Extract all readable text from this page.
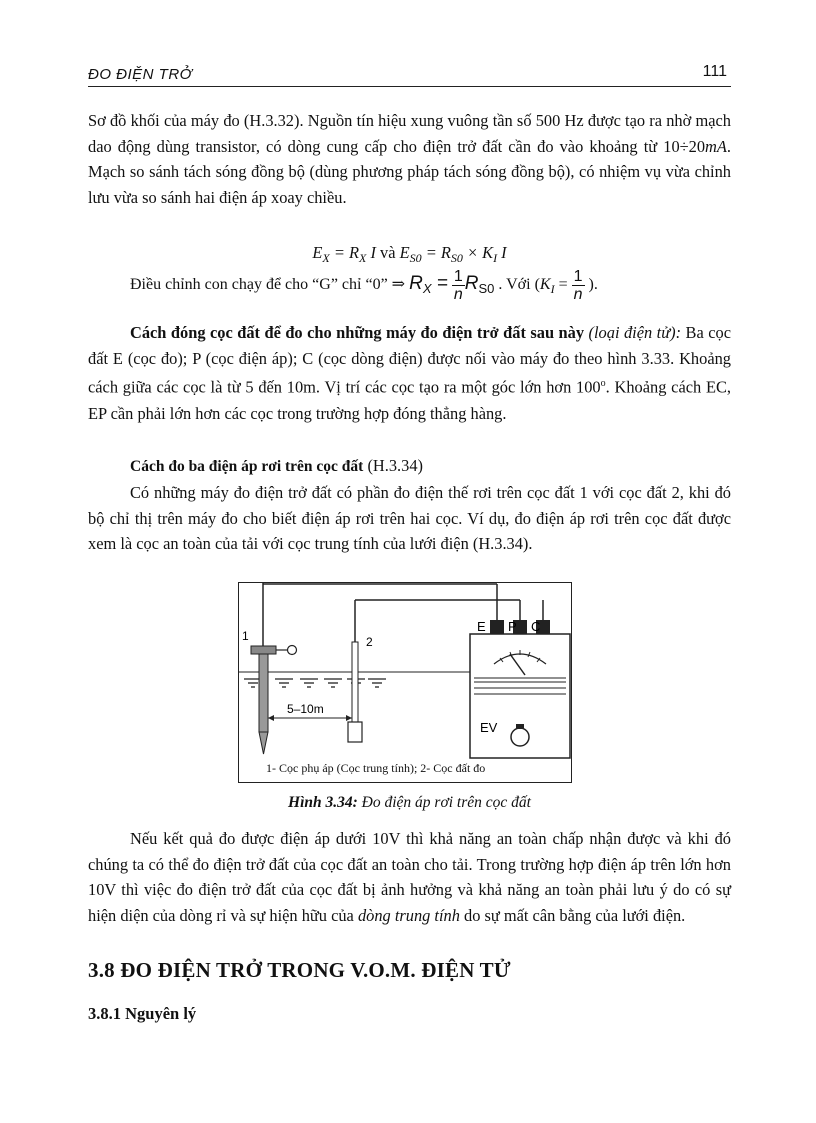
ĐO ĐIỆN TRỞ	111

Sơ đồ khối của máy đo (H.3.32). Nguồn tín hiệu xung vuông tần số 500 Hz được tạo ra nhờ mạch dao động dùng transistor, có dòng cung cấp cho điện trở đất cần đo vào khoảng từ 10÷20mA. Mạch so sánh tách sóng đồng bộ (dùng phương pháp tách sóng đồng bộ), có nhiệm vụ vừa chỉnh lưu vừa so sánh hai điện áp xoay chiều.

$E_X = R_X$ I và $E_{S0} = R_{S0} \times K_I$ I
Điều chỉnh con chạy để cho “G” chỉ “0” ⇒ $R_X = \frac{1}{n} R_{S0}$ . Với ($K_I = \frac{1}{n}$ ).

Cách đóng cọc đất để đo cho những máy đo điện trở đất sau này (loại điện tử): Ba cọc đất E (cọc đo); P (cọc điện áp); C (cọc dòng điện) được nối vào máy đo theo hình 3.33. Khoảng cách giữa các cọc là từ 5 đến 10m. Vị trí các cọc tạo ra một góc lớn hơn 100$^o$. Khoảng cách EC, EP cần phải lớn hơn các cọc trong trường hợp đóng thẳng hàng.

Cách đo ba điện áp rơi trên cọc đất (H.3.34)

Có những máy đo điện trở đất có phần đo điện thế rơi trên cọc đất 1 với cọc đất 2, khi đó bộ chỉ thị trên máy đo cho biết điện áp rơi trên hai cọc. Ví dụ, đo điện áp rơi trên cọc đất được xem là cọc an toàn của tải với cọc trung tính của lưới điện (H.3.34).

E P C
EV
1	2
5–10m
1- Cọc phụ áp (Cọc trung tính); 2- Cọc đất đo
Hình 3.34: Đo điện áp rơi trên cọc đất

Nếu kết quả đo được điện áp dưới 10V thì khả năng an toàn chấp nhận được và khi đó chúng ta có thể đo điện trở đất của cọc đất an toàn cho tải. Trong trường hợp điện áp trên lớn hơn 10V thì việc đo điện trở đất của cọc đất bị ảnh hưởng và khả năng an toàn phải lưu ý do có sự hiện diện của dòng rỉ và sự hiện hữu của dòng trung tính do sự mất cân bằng của lưới điện.

3.8 ĐO ĐIỆN TRỞ TRONG V.O.M. ĐIỆN TỬ
3.8.1 Nguyên lý
